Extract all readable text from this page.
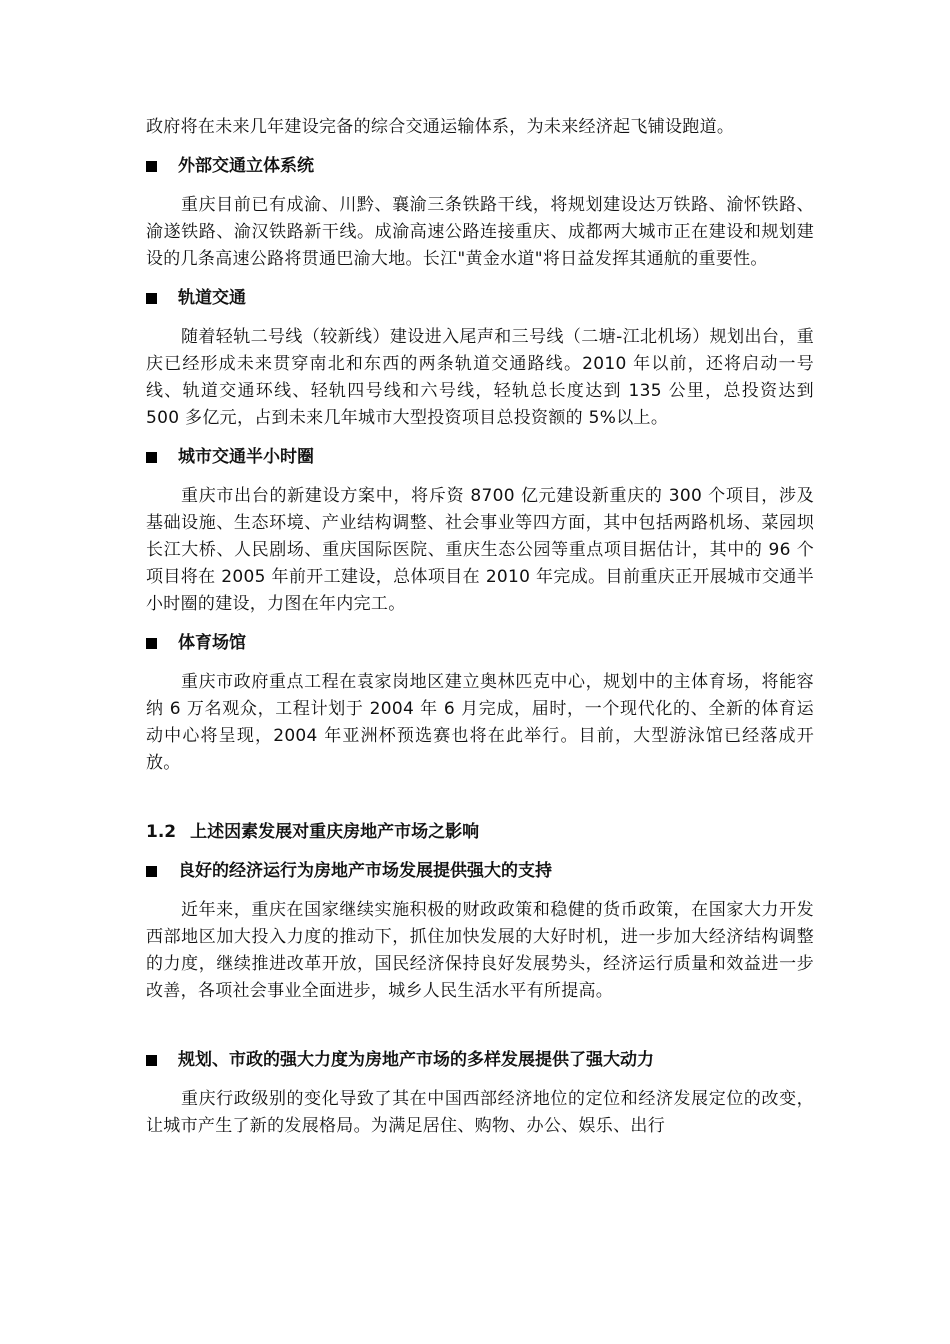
政府将在未来几年建设完备的综合交通运输体系，为未来经济起飞铺设跑道。

外部交通立体系统

重庆目前已有成渝、川黔、襄渝三条铁路干线，将规划建设达万铁路、渝怀铁路、渝遂铁路、渝汉铁路新干线。成渝高速公路连接重庆、成都两大城市正在建设和规划建设的几条高速公路将贯通巴渝大地。长江"黄金水道"将日益发挥其通航的重要性。

轨道交通

随着轻轨二号线（较新线）建设进入尾声和三号线（二塘-江北机场）规划出台，重庆已经形成未来贯穿南北和东西的两条轨道交通路线。2010 年以前，还将启动一号线、轨道交通环线、轻轨四号线和六号线，轻轨总长度达到 135 公里，总投资达到 500 多亿元，占到未来几年城市大型投资项目总投资额的 5%以上。

城市交通半小时圈

重庆市出台的新建设方案中，将斥资 8700 亿元建设新重庆的 300 个项目，涉及基础设施、生态环境、产业结构调整、社会事业等四方面，其中包括两路机场、菜园坝长江大桥、人民剧场、重庆国际医院、重庆生态公园等重点项目据估计，其中的 96 个项目将在 2005 年前开工建设，总体项目在 2010 年完成。目前重庆正开展城市交通半小时圈的建设，力图在年内完工。

体育场馆

重庆市政府重点工程在袁家岗地区建立奥林匹克中心，规划中的主体育场，将能容纳 6 万名观众，工程计划于 2004 年 6 月完成，届时，一个现代化的、全新的体育运动中心将呈现，2004 年亚洲杯预选赛也将在此举行。目前，大型游泳馆已经落成开放。

1.2 上述因素发展对重庆房地产市场之影响
良好的经济运行为房地产市场发展提供强大的支持

近年来，重庆在国家继续实施积极的财政政策和稳健的货币政策，在国家大力开发西部地区加大投入力度的推动下，抓住加快发展的大好时机，进一步加大经济结构调整的力度，继续推进改革开放，国民经济保持良好发展势头，经济运行质量和效益进一步改善，各项社会事业全面进步，城乡人民生活水平有所提高。

规划、市政的强大力度为房地产市场的多样发展提供了强大动力

重庆行政级别的变化导致了其在中国西部经济地位的定位和经济发展定位的改变，让城市产生了新的发展格局。为满足居住、购物、办公、娱乐、出行
